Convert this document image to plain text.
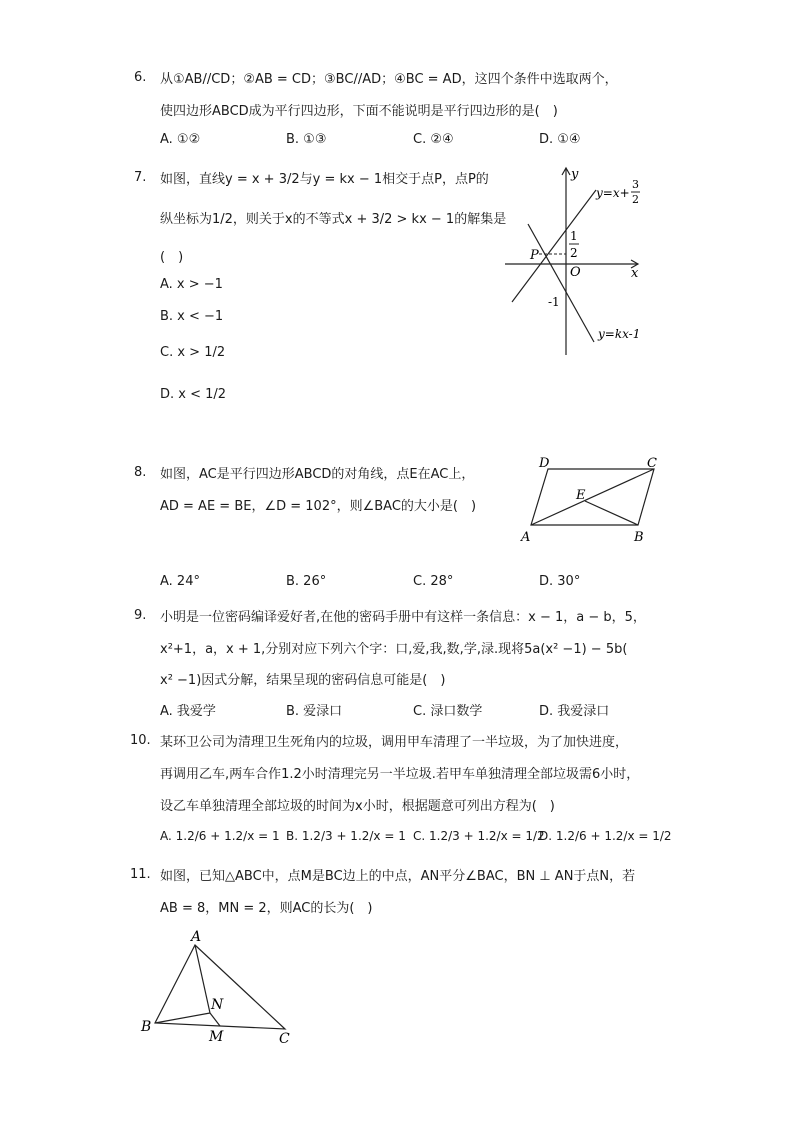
6. 从①AB//CD；②AB = CD；③BC//AD；④BC = AD，这四个条件中选取两个，
使四边形ABCD成为平行四边形，下面不能说明是平行四边形的是(　)
A. ①②	B. ①③	C. ②④	D. ①④
7. 如图，直线y = x + 3/2与y = kx − 1相交于点P，点P的
纵坐标为1/2，则关于x的不等式x + 3/2 > kx − 1的解集是
(　)
A. x > −1
B. x < −1
C. x > 1/2
D. x < 1/2
y
x
O
P
1
2
-1
y=x+
3
2
y=kx-1
8. 如图，AC是平行四边形ABCD的对角线，点E在AC上，
AD = AE = BE，∠D = 102°，则∠BAC的大小是(　)
A. 24°	B. 26°	C. 28°	D. 30°
A	B
C
D
E
9. 小明是一位密码编译爱好者,在他的密码手册中有这样一条信息：x − 1，a − b，5，
x²+1，a，x + 1,分别对应下列六个字：口,爱,我,数,学,渌.现将5a(x² −1) − 5b(
x² −1)因式分解，结果呈现的密码信息可能是(　)
A. 我爱学	B. 爱渌口	C. 渌口数学	D. 我爱渌口
10. 某环卫公司为清理卫生死角内的垃圾，调用甲车清理了一半垃圾，为了加快进度，
再调用乙车,两车合作1.2小时清理完另一半垃圾.若甲车单独清理全部垃圾需6小时，
设乙车单独清理全部垃圾的时间为x小时，根据题意可列出方程为(　)
A. 1.2/6 + 1.2/x = 1 B. 1.2/3 + 1.2/x = 1 C. 1.2/3 + 1.2/x = 1/2
D. 1.2/6 + 1.2/x = 1/2
11. 如图，已知△ABC中，点M是BC边上的中点，AN平分∠BAC，BN ⊥ AN于点N，若
AB = 8，MN = 2，则AC的长为(　)
A
B
C
N
M
